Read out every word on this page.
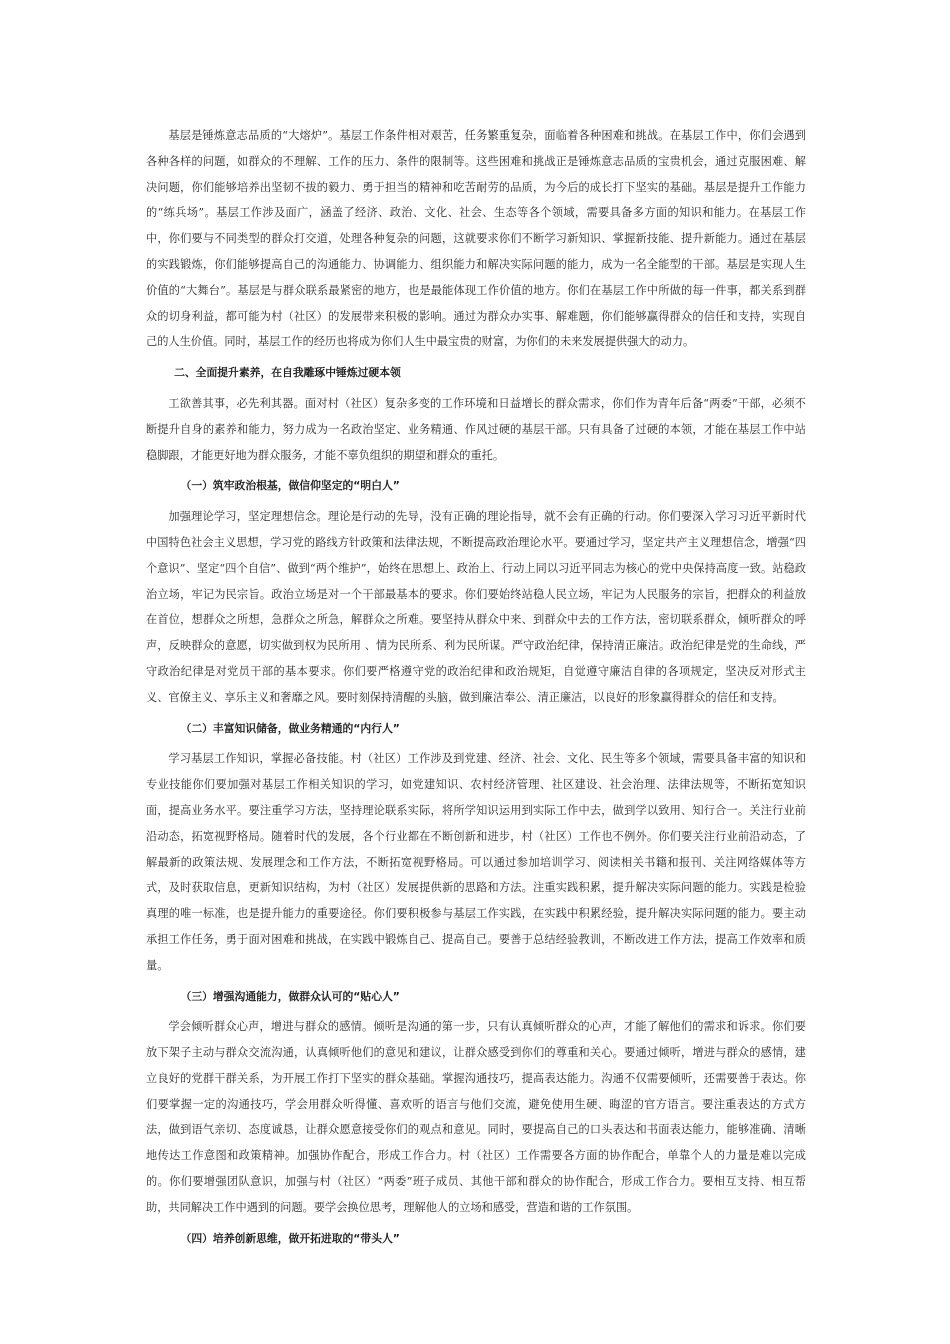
基层是锤炼意志品质的“大熔炉”。基层工作条件相对艰苦，任务繁重复杂，面临着各种困难和挑战。在基层工作中，你们会遇到各种各样的问题，如群众的不理解、工作的压力、条件的限制等。这些困难和挑战正是锤炼意志品质的宝贵机会，通过克服困难、解决问题，你们能够培养出坚韧不拔的毅力、勇于担当的精神和吃苦耐劳的品质，为今后的成长打下坚实的基础。基层是提升工作能力的“练兵场”。基层工作涉及面广，涵盖了经济、政治、文化、社会、生态等各个领域，需要具备多方面的知识和能力。在基层工作中，你们要与不同类型的群众打交道，处理各种复杂的问题，这就要求你们不断学习新知识、掌握新技能、提升新能力。通过在基层的实践锻炼，你们能够提高自己的沟通能力、协调能力、组织能力和解决实际问题的能力，成为一名全能型的干部。基层是实现人生价值的“大舞台”。基层是与群众联系最紧密的地方，也是最能体现工作价值的地方。你们在基层工作中所做的每一件事，都关系到群众的切身利益，都可能为村（社区）的发展带来积极的影响。通过为群众办实事、解难题，你们能够赢得群众的信任和支持，实现自己的人生价值。同时，基层工作的经历也将成为你们人生中最宝贵的财富，为你们的未来发展提供强大的动力。

二、全面提升素养，在自我雕琢中锤炼过硬本领

工欲善其事，必先利其器。面对村（社区）复杂多变的工作环境和日益增长的群众需求，你们作为青年后备“两委”干部，必须不断提升自身的素养和能力，努力成为一名政治坚定、业务精通、作风过硬的基层干部。只有具备了过硬的本领，才能在基层工作中站稳脚跟，才能更好地为群众服务，才能不辜负组织的期望和群众的重托。

（一）筑牢政治根基，做信仰坚定的“明白人”

加强理论学习，坚定理想信念。理论是行动的先导，没有正确的理论指导，就不会有正确的行动。你们要深入学习习近平新时代中国特色社会主义思想，学习党的路线方针政策和法律法规，不断提高政治理论水平。要通过学习，坚定共产主义理想信念，增强“四个意识”、坚定“四个自信”、做到“两个维护”，始终在思想上、政治上、行动上同以习近平同志为核心的党中央保持高度一致。站稳政治立场，牢记为民宗旨。政治立场是对一个干部最基本的要求。你们要始终站稳人民立场，牢记为人民服务的宗旨，把群众的利益放在首位，想群众之所想，急群众之所急，解群众之所难。要坚持从群众中来、到群众中去的工作方法，密切联系群众，倾听群众的呼声，反映群众的意愿，切实做到权为民所用 、情为民所系、利为民所谋。严守政治纪律，保持清正廉洁。政治纪律是党的生命线，严守政治纪律是对党员干部的基本要求。你们要严格遵守党的政治纪律和政治规矩，自觉遵守廉洁自律的各项规定，坚决反对形式主义、官僚主义、享乐主义和奢靡之风。要时刻保持清醒的头脑，做到廉洁奉公、清正廉洁，以良好的形象赢得群众的信任和支持。

（二）丰富知识储备，做业务精通的“内行人”

学习基层工作知识，掌握必备技能。村（社区）工作涉及到党建、经济、社会、文化、民生等多个领域，需要具备丰富的知识和专业技能你们要加强对基层工作相关知识的学习，如党建知识、农村经济管理、社区建设、社会治理、法律法规等，不断拓宽知识面，提高业务水平。要注重学习方法，坚持理论联系实际，将所学知识运用到实际工作中去，做到学以致用、知行合一。关注行业前沿动态，拓宽视野格局。随着时代的发展，各个行业都在不断创新和进步，村（社区）工作也不例外。你们要关注行业前沿动态，了解最新的政策法规、发展理念和工作方法，不断拓宽视野格局。可以通过参加培训学习、阅读相关书籍和报刊、关注网络媒体等方式，及时获取信息，更新知识结构，为村（社区）发展提供新的思路和方法。注重实践积累，提升解决实际问题的能力。实践是检验真理的唯一标准，也是提升能力的重要途径。你们要积极参与基层工作实践，在实践中积累经验，提升解决实际问题的能力。要主动承担工作任务，勇于面对困难和挑战，在实践中锻炼自己、提高自己。要善于总结经验教训，不断改进工作方法，提高工作效率和质量。

（三）增强沟通能力，做群众认可的“贴心人”

学会倾听群众心声，增进与群众的感情。倾听是沟通的第一步，只有认真倾听群众的心声，才能了解他们的需求和诉求。你们要放下架子主动与群众交流沟通，认真倾听他们的意见和建议，让群众感受到你们的尊重和关心。要通过倾听，增进与群众的感情，建立良好的党群干群关系，为开展工作打下坚实的群众基础。掌握沟通技巧，提高表达能力。沟通不仅需要倾听，还需要善于表达。你们要掌握一定的沟通技巧，学会用群众听得懂、喜欢听的语言与他们交流，避免使用生硬、晦涩的官方语言。要注重表达的方式方法，做到语气亲切、态度诚恳，让群众愿意接受你们的观点和意见。同时，要提高自己的口头表达和书面表达能力，能够准确、清晰地传达工作意图和政策精神。加强协作配合，形成工作合力。村（社区）工作需要各方面的协作配合，单靠个人的力量是难以完成的。你们要增强团队意识，加强与村（社区）“两委”班子成员、其他干部和群众的协作配合，形成工作合力。要相互支持、相互帮助，共同解决工作中遇到的问题。要学会换位思考，理解他人的立场和感受，营造和谐的工作氛围。

（四）培养创新思维，做开拓进取的“带头人”
